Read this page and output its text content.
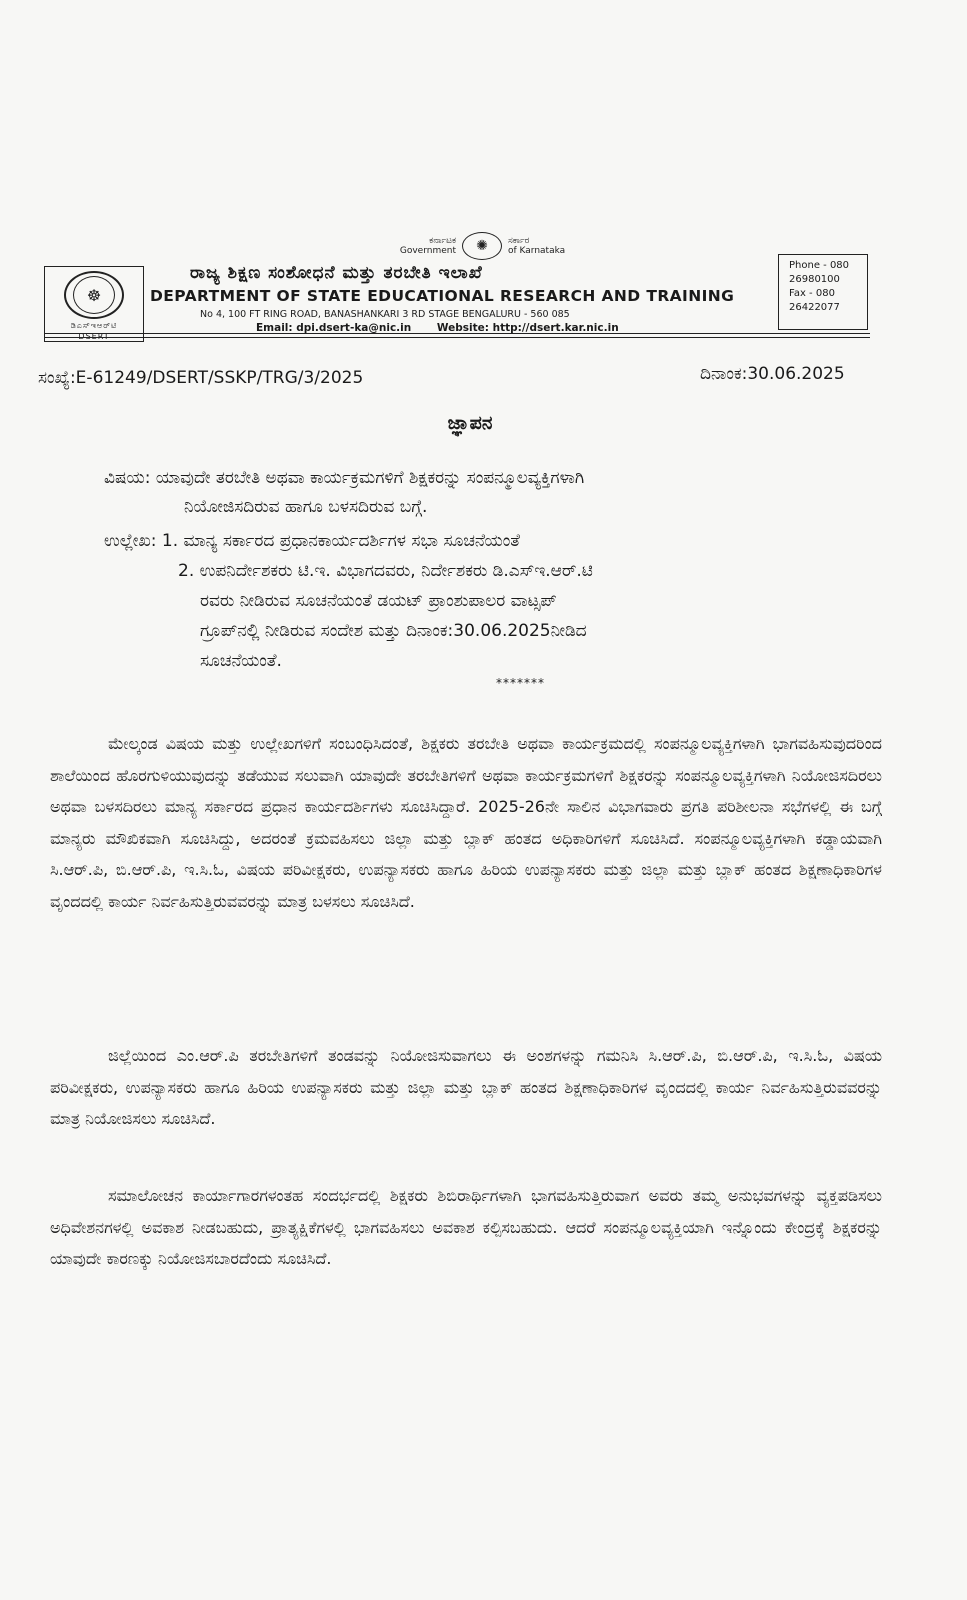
ಕರ್ನಾಟಕ
Government	✺	ಸರ್ಕಾರ
of Karnataka
☸
ಡಿಎಸ್‌ಇಆರ್‌ಟಿ
DSERT
ರಾಜ್ಯ ಶಿಕ್ಷಣ ಸಂಶೋಧನೆ ಮತ್ತು ತರಬೇತಿ ಇಲಾಖೆ
DEPARTMENT OF STATE EDUCATIONAL RESEARCH AND TRAINING
No 4, 100 FT RING ROAD, BANASHANKARI 3 RD STAGE BENGALURU - 560 085
Email: dpi.dsert-ka@nic.in Website: http://dsert.kar.nic.in
Phone - 080
26980100
Fax - 080
26422077
ಸಂಖ್ಯೆ:E-61249/DSERT/SSKP/TRG/3/2025	ದಿನಾಂಕ:30.06.2025
ಜ್ಞಾಪನ
ವಿಷಯ: ಯಾವುದೇ ತರಬೇತಿ ಅಥವಾ ಕಾರ್ಯಕ್ರಮಗಳಿಗೆ ಶಿಕ್ಷಕರನ್ನು ಸಂಪನ್ಮೂಲವ್ಯಕ್ತಿಗಳಾಗಿ
ನಿಯೋಜಿಸದಿರುವ ಹಾಗೂ ಬಳಸದಿರುವ ಬಗ್ಗೆ.
ಉಲ್ಲೇಖ: 1. ಮಾನ್ಯ ಸರ್ಕಾರದ ಪ್ರಧಾನಕಾರ್ಯದರ್ಶಿಗಳ ಸಭಾ ಸೂಚನೆಯಂತೆ
2. ಉಪನಿರ್ದೇಶಕರು ಟಿ.ಇ. ವಿಭಾಗದವರು, ನಿರ್ದೇಶಕರು ಡಿ.ಎಸ್‌ಇ.ಆರ್‌.ಟಿ
ರವರು ನೀಡಿರುವ ಸೂಚನೆಯಂತೆ ಡಯಟ್ ಪ್ರಾಂಶುಪಾಲರ ವಾಟ್ಸಪ್
ಗ್ರೂಪ್‌ನಲ್ಲಿ ನೀಡಿರುವ ಸಂದೇಶ ಮತ್ತು ದಿನಾಂಕ:30.06.2025ನೀಡಿದ
ಸೂಚನೆಯಂತೆ.
*******

ಮೇಲ್ಕಂಡ ವಿಷಯ ಮತ್ತು ಉಲ್ಲೇಖಗಳಿಗೆ ಸಂಬಂಧಿಸಿದಂತೆ, ಶಿಕ್ಷಕರು ತರಬೇತಿ ಅಥವಾ ಕಾರ್ಯಕ್ರಮದಲ್ಲಿ ಸಂಪನ್ಮೂಲವ್ಯಕ್ತಿಗಳಾಗಿ ಭಾಗವಹಿಸುವುದರಿಂದ ಶಾಲೆಯಿಂದ ಹೊರಗುಳಿಯುವುದನ್ನು ತಡೆಯುವ ಸಲುವಾಗಿ ಯಾವುದೇ ತರಬೇತಿಗಳಿಗೆ ಅಥವಾ ಕಾರ್ಯಕ್ರಮಗಳಿಗೆ ಶಿಕ್ಷಕರನ್ನು ಸಂಪನ್ಮೂಲವ್ಯಕ್ತಿಗಳಾಗಿ ನಿಯೋಜಿಸದಿರಲು ಅಥವಾ ಬಳಸದಿರಲು ಮಾನ್ಯ ಸರ್ಕಾರದ ಪ್ರಧಾನ ಕಾರ್ಯದರ್ಶಿಗಳು ಸೂಚಿಸಿದ್ದಾರೆ. 2025-26ನೇ ಸಾಲಿನ ವಿಭಾಗವಾರು ಪ್ರಗತಿ ಪರಿಶೀಲನಾ ಸಭೆಗಳಲ್ಲಿ ಈ ಬಗ್ಗೆ ಮಾನ್ಯರು ಮೌಖಿಕವಾಗಿ ಸೂಚಿಸಿದ್ದು, ಅದರಂತೆ ಕ್ರಮವಹಿಸಲು ಜಿಲ್ಲಾ ಮತ್ತು ಬ್ಲಾಕ್ ಹಂತದ ಅಧಿಕಾರಿಗಳಿಗೆ ಸೂಚಿಸಿದೆ. ಸಂಪನ್ಮೂಲವ್ಯಕ್ತಿಗಳಾಗಿ ಕಡ್ಡಾಯವಾಗಿ ಸಿ.ಆರ್.ಪಿ, ಬಿ.ಆರ್.ಪಿ, ಇ.ಸಿ.ಓ, ವಿಷಯ ಪರಿವೀಕ್ಷಕರು, ಉಪನ್ಯಾಸಕರು ಹಾಗೂ ಹಿರಿಯ ಉಪನ್ಯಾಸಕರು ಮತ್ತು ಜಿಲ್ಲಾ ಮತ್ತು ಬ್ಲಾಕ್ ಹಂತದ ಶಿಕ್ಷಣಾಧಿಕಾರಿಗಳ ವೃಂದದಲ್ಲಿ ಕಾರ್ಯ ನಿರ್ವಹಿಸುತ್ತಿರುವವರನ್ನು ಮಾತ್ರ ಬಳಸಲು ಸೂಚಿಸಿದೆ.

ಜಿಲ್ಲೆಯಿಂದ ಎಂ.ಆರ್.ಪಿ ತರಬೇತಿಗಳಿಗೆ ತಂಡವನ್ನು ನಿಯೋಜಿಸುವಾಗಲು ಈ ಅಂಶಗಳನ್ನು ಗಮನಿಸಿ ಸಿ.ಆರ್.ಪಿ, ಬಿ.ಆರ್.ಪಿ, ಇ.ಸಿ.ಓ, ವಿಷಯ ಪರಿವೀಕ್ಷಕರು, ಉಪನ್ಯಾಸಕರು ಹಾಗೂ ಹಿರಿಯ ಉಪನ್ಯಾಸಕರು ಮತ್ತು ಜಿಲ್ಲಾ ಮತ್ತು ಬ್ಲಾಕ್ ಹಂತದ ಶಿಕ್ಷಣಾಧಿಕಾರಿಗಳ ವೃಂದದಲ್ಲಿ ಕಾರ್ಯ ನಿರ್ವಹಿಸುತ್ತಿರುವವರನ್ನು ಮಾತ್ರ ನಿಯೋಜಿಸಲು ಸೂಚಿಸಿದೆ.

ಸಮಾಲೋಚನ ಕಾರ್ಯಾಗಾರಗಳಂತಹ ಸಂದರ್ಭದಲ್ಲಿ ಶಿಕ್ಷಕರು ಶಿಬಿರಾರ್ಥಿಗಳಾಗಿ ಭಾಗವಹಿಸುತ್ತಿರುವಾಗ ಅವರು ತಮ್ಮ ಅನುಭವಗಳನ್ನು ವ್ಯಕ್ತಪಡಿಸಲು ಅಧಿವೇಶನಗಳಲ್ಲಿ ಅವಕಾಶ ನೀಡಬಹುದು, ಪ್ರಾತ್ಯಕ್ಷಿಕೆಗಳಲ್ಲಿ ಭಾಗವಹಿಸಲು ಅವಕಾಶ ಕಲ್ಪಿಸಬಹುದು. ಆದರೆ ಸಂಪನ್ಮೂಲವ್ಯಕ್ತಿಯಾಗಿ ಇನ್ನೊಂದು ಕೇಂದ್ರಕ್ಕೆ ಶಿಕ್ಷಕರನ್ನು ಯಾವುದೇ ಕಾರಣಕ್ಕು ನಿಯೋಜಿಸಬಾರದೆಂದು ಸೂಚಿಸಿದೆ.
